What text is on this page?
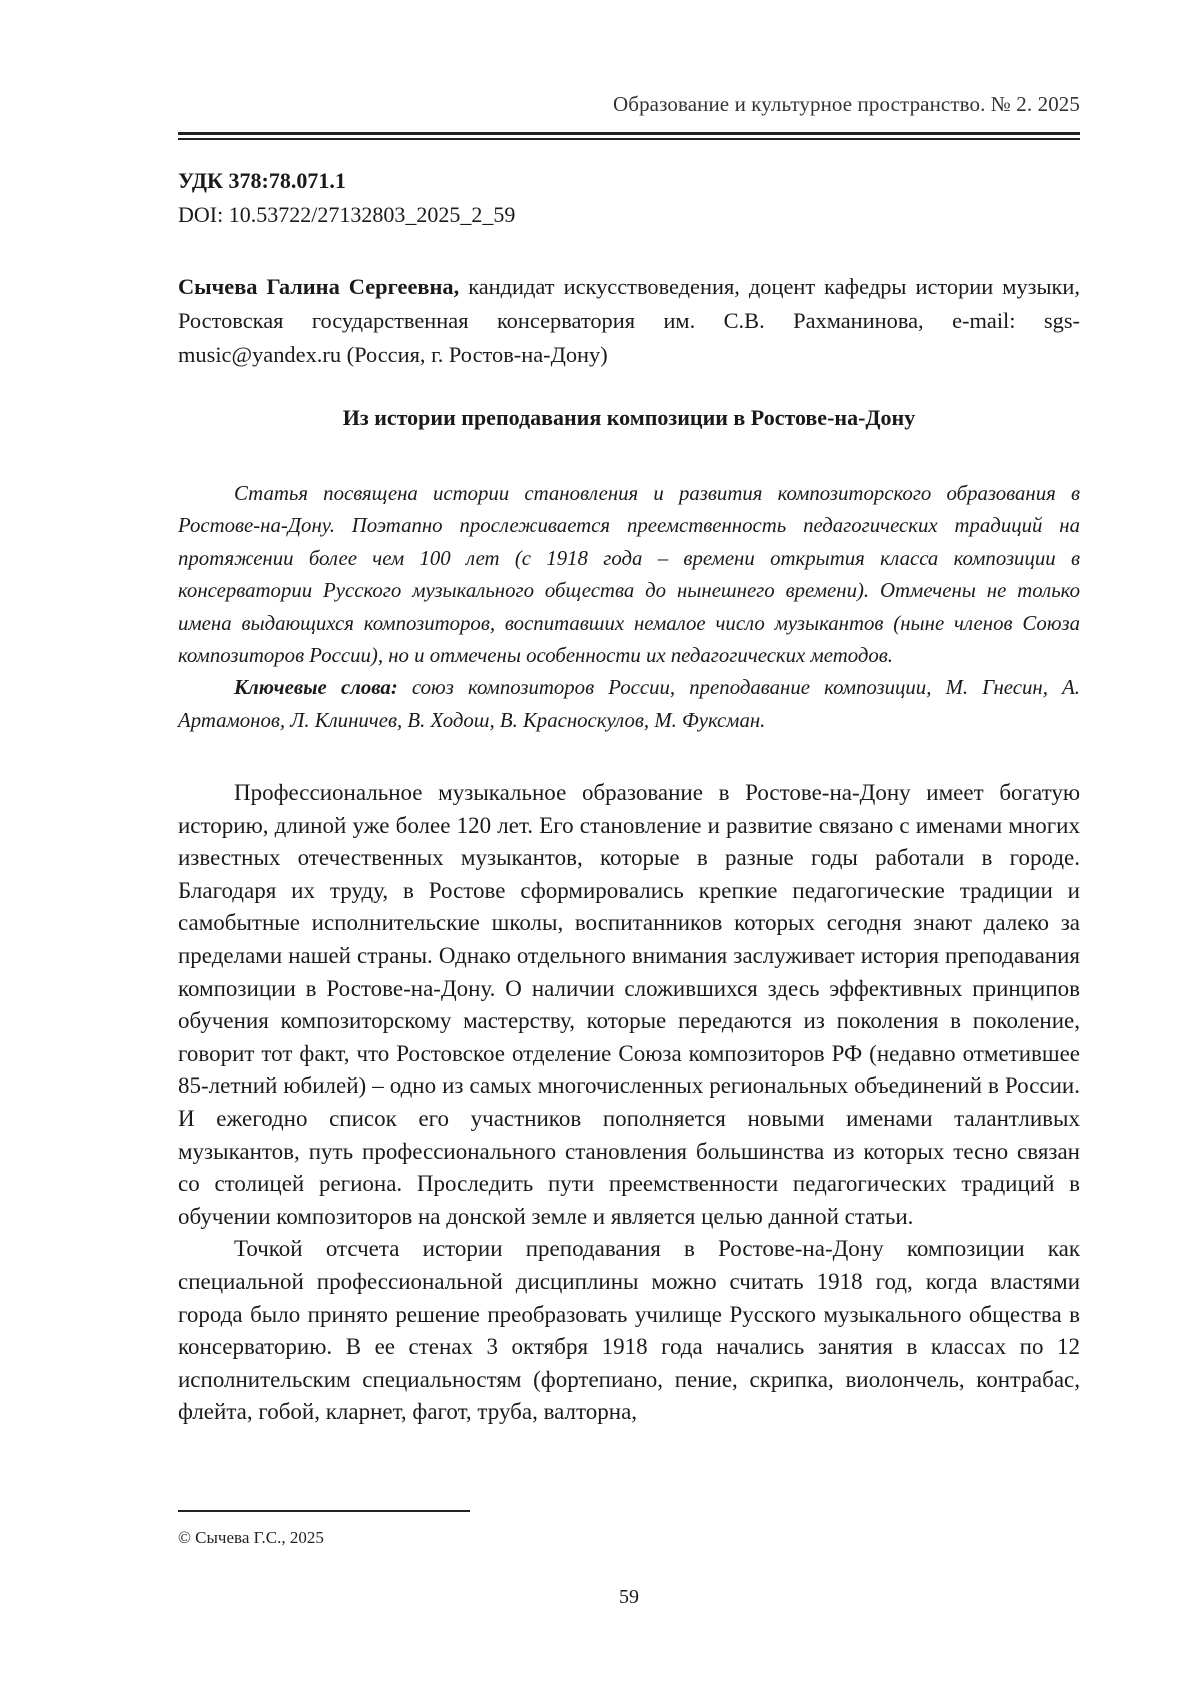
Образование и культурное пространство. № 2. 2025
УДК 378:78.071.1
DOI: 10.53722/27132803_2025_2_59
Сычева Галина Сергеевна, кандидат искусствоведения, доцент кафедры истории музыки, Ростовская государственная консерватория им. С.В. Рахманинова, e-mail: sgs-music@yandex.ru (Россия, г. Ростов-на-Дону)
Из истории преподавания композиции в Ростове-на-Дону

Статья посвящена истории становления и развития композиторского образования в Ростове-на-Дону. Поэтапно прослеживается преемственность педагогических традиций на протяжении более чем 100 лет (с 1918 года – времени открытия класса композиции в консерватории Русского музыкального общества до нынешнего времени). Отмечены не только имена выдающихся композиторов, воспитавших немалое число музыкантов (ныне членов Союза композиторов России), но и отмечены особенности их педагогических методов.

Ключевые слова: союз композиторов России, преподавание композиции, М. Гнесин, А. Артамонов, Л. Клиничев, В. Ходош, В. Красноскулов, М. Фуксман.

Профессиональное музыкальное образование в Ростове-на-Дону имеет богатую историю, длиной уже более 120 лет. Его становление и развитие связано с именами многих известных отечественных музыкантов, которые в разные годы работали в городе. Благодаря их труду, в Ростове сформировались крепкие педагогические традиции и самобытные исполнительские школы, воспитанников которых сегодня знают далеко за пределами нашей страны. Однако отдельного внимания заслуживает история преподавания композиции в Ростове-на-Дону. О наличии сложившихся здесь эффективных принципов обучения композиторскому мастерству, которые передаются из поколения в поколение, говорит тот факт, что Ростовское отделение Союза композиторов РФ (недавно отметившее 85-летний юбилей) – одно из самых многочисленных региональных объединений в России. И ежегодно список его участников пополняется новыми именами талантливых музыкантов, путь профессионального становления большинства из которых тесно связан со столицей региона. Проследить пути преемственности педагогических традиций в обучении композиторов на донской земле и является целью данной статьи.

Точкой отсчета истории преподавания в Ростове-на-Дону композиции как специальной профессиональной дисциплины можно считать 1918 год, когда властями города было принято решение преобразовать училище Русского музыкального общества в консерваторию. В ее стенах 3 октября 1918 года начались занятия в классах по 12 исполнительским специальностям (фортепиано, пение, скрипка, виолончель, контрабас, флейта, гобой, кларнет, фагот, труба, валторна,

© Сычева Г.С., 2025
59
